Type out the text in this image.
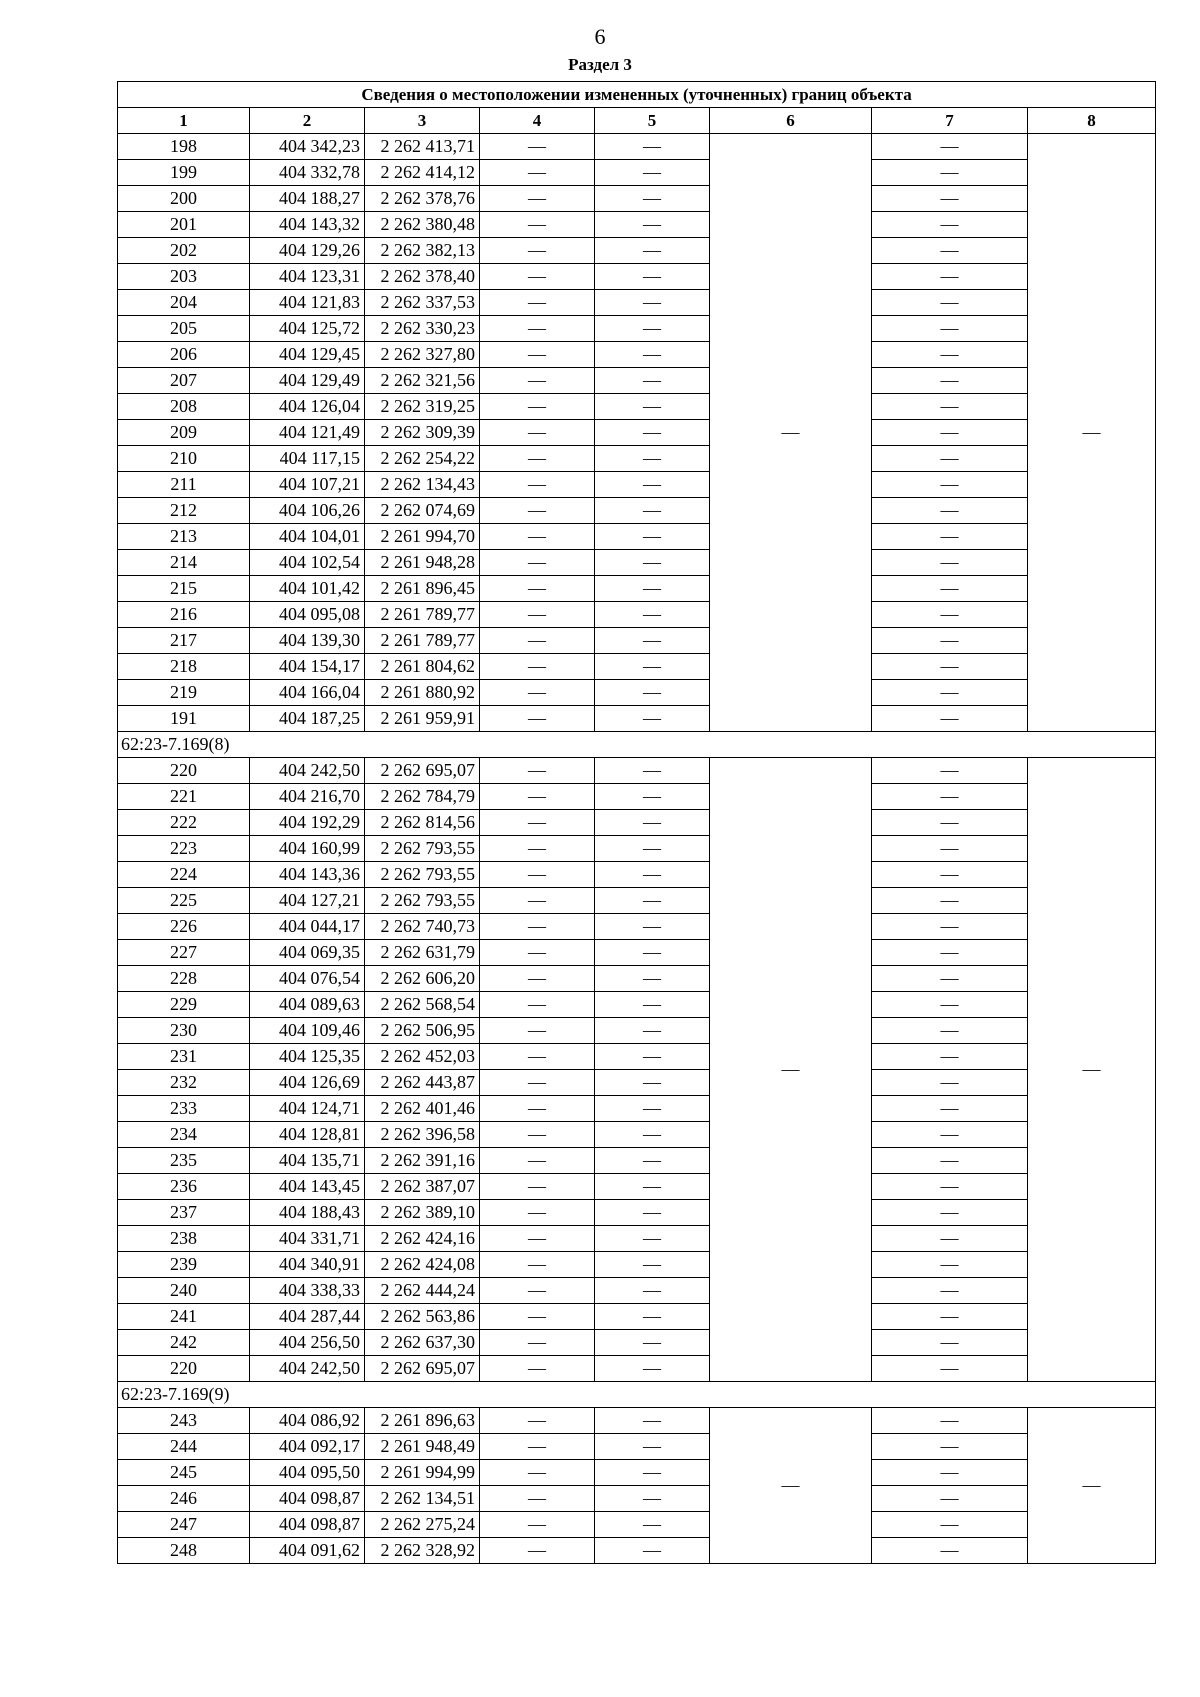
6
Раздел 3
Сведения о местоположении измененных (уточненных) границ объекта							
1	2	3	4	5	6	7	8
198	404 342,23	2 262 413,71	—	—	—	—	—
199	404 332,78	2 262 414,12	—	—		—	
200	404 188,27	2 262 378,76	—	—		—	
201	404 143,32	2 262 380,48	—	—		—	
202	404 129,26	2 262 382,13	—	—		—	
203	404 123,31	2 262 378,40	—	—		—	
204	404 121,83	2 262 337,53	—	—		—	
205	404 125,72	2 262 330,23	—	—		—	
206	404 129,45	2 262 327,80	—	—		—	
207	404 129,49	2 262 321,56	—	—		—	
208	404 126,04	2 262 319,25	—	—		—	
209	404 121,49	2 262 309,39	—	—		—	
210	404 117,15	2 262 254,22	—	—		—	
211	404 107,21	2 262 134,43	—	—		—	
212	404 106,26	2 262 074,69	—	—		—	
213	404 104,01	2 261 994,70	—	—		—	
214	404 102,54	2 261 948,28	—	—		—	
215	404 101,42	2 261 896,45	—	—		—	
216	404 095,08	2 261 789,77	—	—		—	
217	404 139,30	2 261 789,77	—	—		—	
218	404 154,17	2 261 804,62	—	—		—	
219	404 166,04	2 261 880,92	—	—		—	
191	404 187,25	2 261 959,91	—	—		—	
62:23-7.169(8)							
220	404 242,50	2 262 695,07	—	—	—	—	—
221	404 216,70	2 262 784,79	—	—		—	
222	404 192,29	2 262 814,56	—	—		—	
223	404 160,99	2 262 793,55	—	—		—	
224	404 143,36	2 262 793,55	—	—		—	
225	404 127,21	2 262 793,55	—	—		—	
226	404 044,17	2 262 740,73	—	—		—	
227	404 069,35	2 262 631,79	—	—		—	
228	404 076,54	2 262 606,20	—	—		—	
229	404 089,63	2 262 568,54	—	—		—	
230	404 109,46	2 262 506,95	—	—		—	
231	404 125,35	2 262 452,03	—	—		—	
232	404 126,69	2 262 443,87	—	—		—	
233	404 124,71	2 262 401,46	—	—		—	
234	404 128,81	2 262 396,58	—	—		—	
235	404 135,71	2 262 391,16	—	—		—	
236	404 143,45	2 262 387,07	—	—		—	
237	404 188,43	2 262 389,10	—	—		—	
238	404 331,71	2 262 424,16	—	—		—	
239	404 340,91	2 262 424,08	—	—		—	
240	404 338,33	2 262 444,24	—	—		—	
241	404 287,44	2 262 563,86	—	—		—	
242	404 256,50	2 262 637,30	—	—		—	
220	404 242,50	2 262 695,07	—	—		—	
62:23-7.169(9)							
243	404 086,92	2 261 896,63	—	—	—	—	—
244	404 092,17	2 261 948,49	—	—		—	
245	404 095,50	2 261 994,99	—	—		—	
246	404 098,87	2 262 134,51	—	—		—	
247	404 098,87	2 262 275,24	—	—		—	
248	404 091,62	2 262 328,92	—	—		—	
